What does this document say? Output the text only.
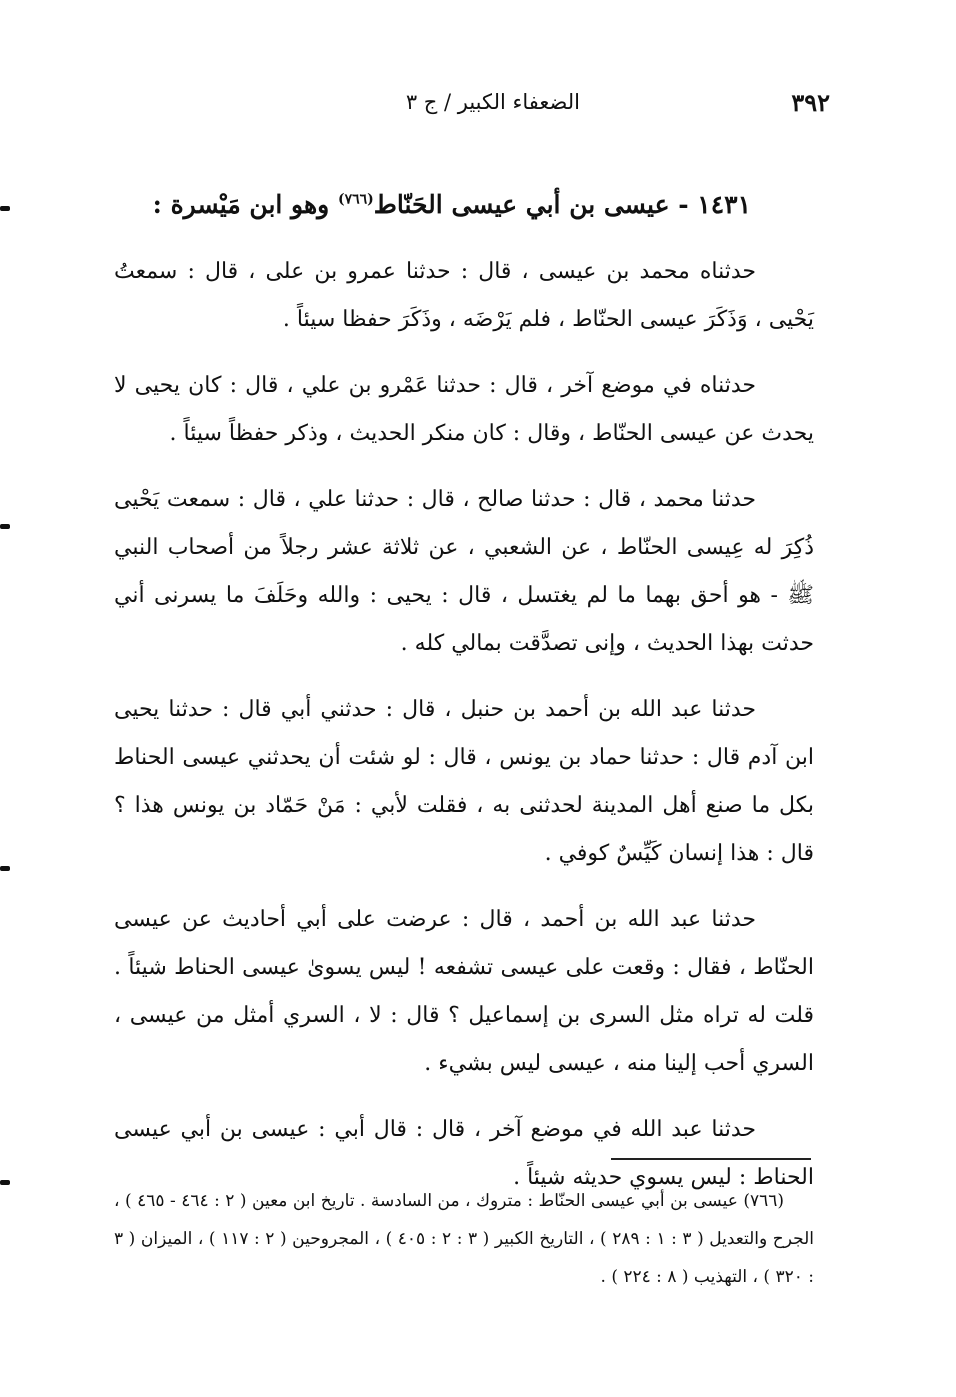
٣٩٢
الضعفاء الكبير / ج ٣
١٤٣١ - عيسى بن أبي عيسى الحَنّاط$^{(٧٦٦)}$ وهو ابن مَيْسرة :

حدثناه محمد بن عيسى ، قال : حدثنا عمرو بن على ، قال : سمعتُ يَحْيى ، وَذَكَرَ عيسى الحنّاط ، فلم يَرْضَه ، وذَكَرَ حفظا سيئاً .

حدثناه في موضع آخر ، قال : حدثنا عَمْرو بن علي ، قال : كان يحيى لا يحدث عن عيسى الحنّاط ، وقال : كان منكر الحديث ، وذكر حفظاً سيئاً .

حدثنا محمد ، قال : حدثنا صالح ، قال : حدثنا علي ، قال : سمعت يَحْيى ذُكِرَ له عِيسى الحنّاط ، عن الشعبي ، عن ثلاثة عشر رجلاً من أصحاب النبي ﷺ - هو أحق بهما ما لم يغتسل ، قال : يحيى : والله وحَلَفَ ما يسرنى أني حدثت بهذا الحديث ، وإنى تصدَّقت بمالي كله .

حدثنا عبد الله بن أحمد بن حنبل ، قال : حدثني أبي قال : حدثنا يحيى ابن آدم قال : حدثنا حماد بن يونس ، قال : لو شئت أن يحدثني عيسى الحناط بكل ما صنع أهل المدينة لحدثنى به ، فقلت لأبي : مَنْ حَمّاد بن يونس هذا ؟ قال : هذا إنسان كَيِّسٌ كوفي .

حدثنا عبد الله بن أحمد ، قال : عرضت على أبي أحاديث عن عيسى الحنّاط ، فقال : وقعت على عيسى تشفعه ! ليس يسوىٰ عيسى الحناط شيئاً . قلت له تراه مثل السرى بن إسماعيل ؟ قال : لا ، السري أمثل من عيسى ، السري أحب إلينا منه ، عيسى ليس بشيء .

حدثنا عبد الله في موضع آخر ، قال : قال أبي : عيسى بن أبي عيسى الحناط : ليس يسوي حديثه شيئاً .

(٧٦٦) عيسى بن أبي عيسى الحنّاط : متروك ، من السادسة . تاريخ ابن معين ( ٢ : ٤٦٤ - ٤٦٥ ) ، الجرح والتعديل ( ٣ : ١ : ٢٨٩ ) ، التاريخ الكبير ( ٣ : ٢ : ٤٠٥ ) ، المجروحين ( ٢ : ١١٧ ) ، الميزان ( ٣ : ٣٢٠ ) ، التهذيب ( ٨ : ٢٢٤ ) .
